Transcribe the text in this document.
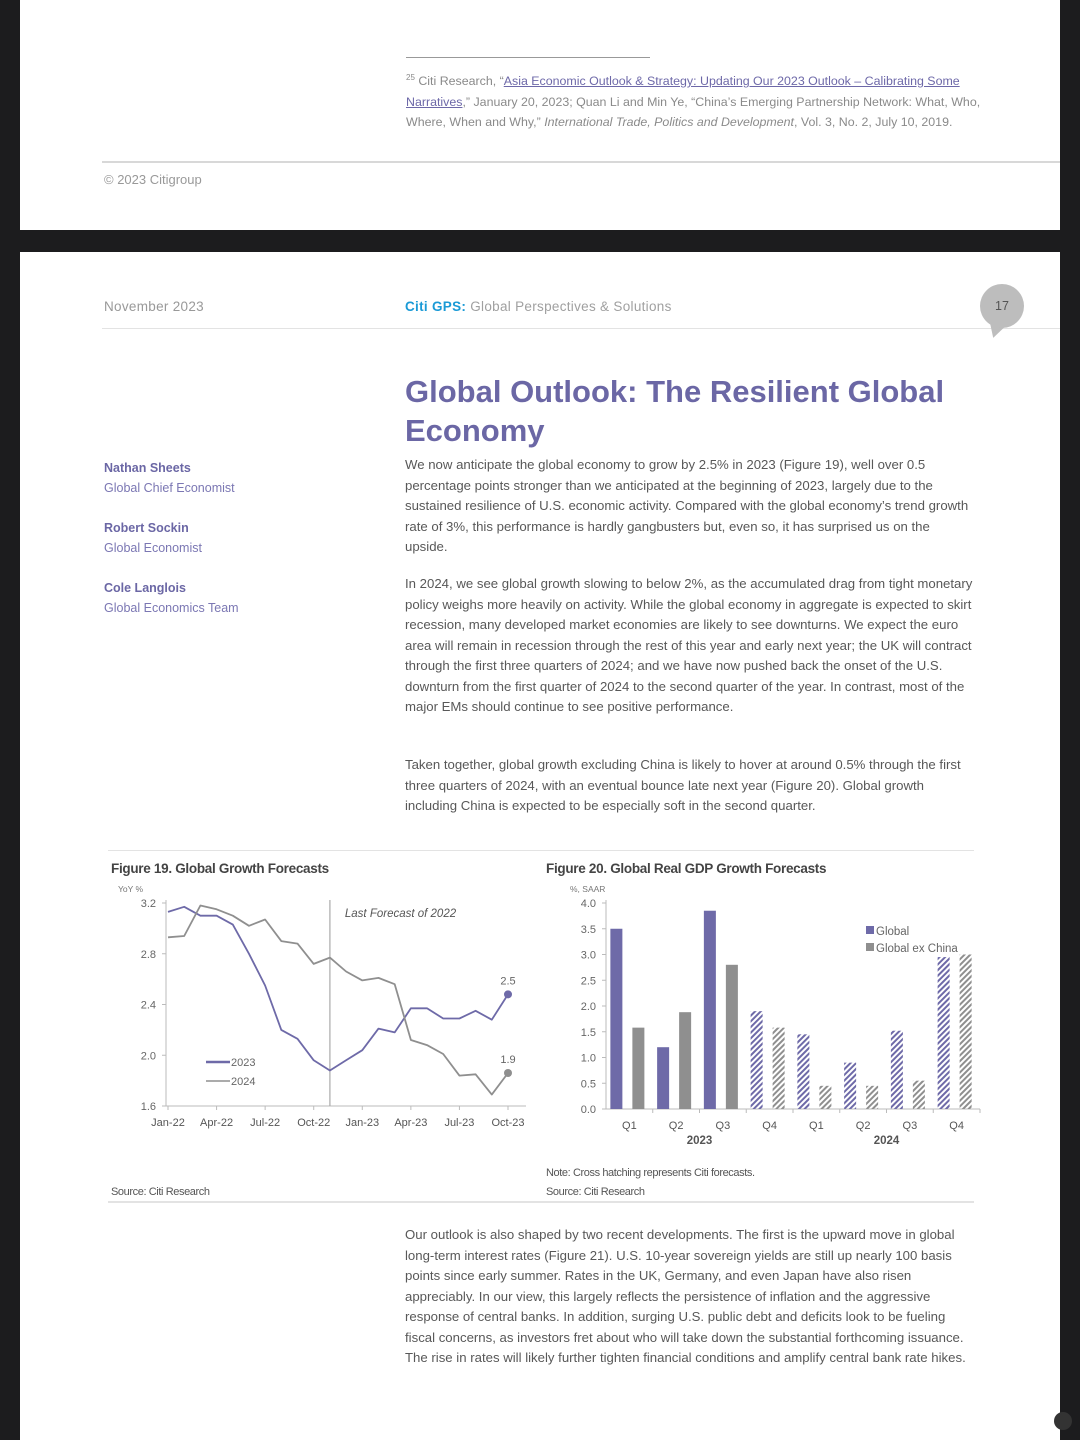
$^{25}$ Citi Research, “Asia Economic Outlook & Strategy: Updating Our 2023 Outlook – Calibrating Some Narratives,” January 20, 2023; Quan Li and Min Ye, “China’s Emerging Partnership Network: What, Who, Where, When and Why,” International Trade, Politics and Development, Vol. 3, No. 2, July 10, 2019.
© 2023 Citigroup
November 2023	Citi GPS: Global Perspectives & Solutions	17
Global Outlook: The Resilient Global Economy
Nathan Sheets
Global Chief Economist
Robert Sockin
Global Economist
Cole Langlois
Global Economics Team

We now anticipate the global economy to grow by 2.5% in 2023 (Figure 19), well over 0.5 percentage points stronger than we anticipated at the beginning of 2023, largely due to the sustained resilience of U.S. economic activity. Compared with the global economy’s trend growth rate of 3%, this performance is hardly gangbusters but, even so, it has surprised us on the upside.

In 2024, we see global growth slowing to below 2%, as the accumulated drag from tight monetary policy weighs more heavily on activity. While the global economy in aggregate is expected to skirt recession, many developed market economies are likely to see downturns. We expect the euro area will remain in recession through the rest of this year and early next year; the UK will contract through the first three quarters of 2024; and we have now pushed back the onset of the U.S. downturn from the first quarter of 2024 to the second quarter of the year. In contrast, most of the major EMs should continue to see positive performance.

Taken together, global growth excluding China is likely to hover at around 0.5% through the first three quarters of 2024, with an eventual bounce late next year (Figure 20). Global growth including China is expected to be especially soft in the second quarter.

Figure 19. Global Growth Forecasts	Figure 20. Global Real GDP Growth Forecasts
YoY %
1.6
2.0
2.4
2.8
3.2
Jan-22 Apr-22 Jul-22 Oct-22 Jan-23 Apr-23 Jul-23 Oct-23
Last Forecast of 2022
2.5
1.9
2023
2024
%, SAAR
0.0
0.5
1.0
1.5
2.0
2.5
3.0
3.5
4.0
Q1	Q2	Q3	Q4	Q1	Q2	Q3	Q4
2023	2024
Global
Global ex China
Source: Citi Research
Note: Cross hatching represents Citi forecasts.
Source: Citi Research

Our outlook is also shaped by two recent developments. The first is the upward move in global long-term interest rates (Figure 21). U.S. 10-year sovereign yields are still up nearly 100 basis points since early summer. Rates in the UK, Germany, and even Japan have also risen appreciably. In our view, this largely reflects the persistence of inflation and the aggressive response of central banks. In addition, surging U.S. public debt and deficits look to be fueling fiscal concerns, as investors fret about who will take down the substantial forthcoming issuance. The rise in rates will likely further tighten financial conditions and amplify central bank rate hikes.
